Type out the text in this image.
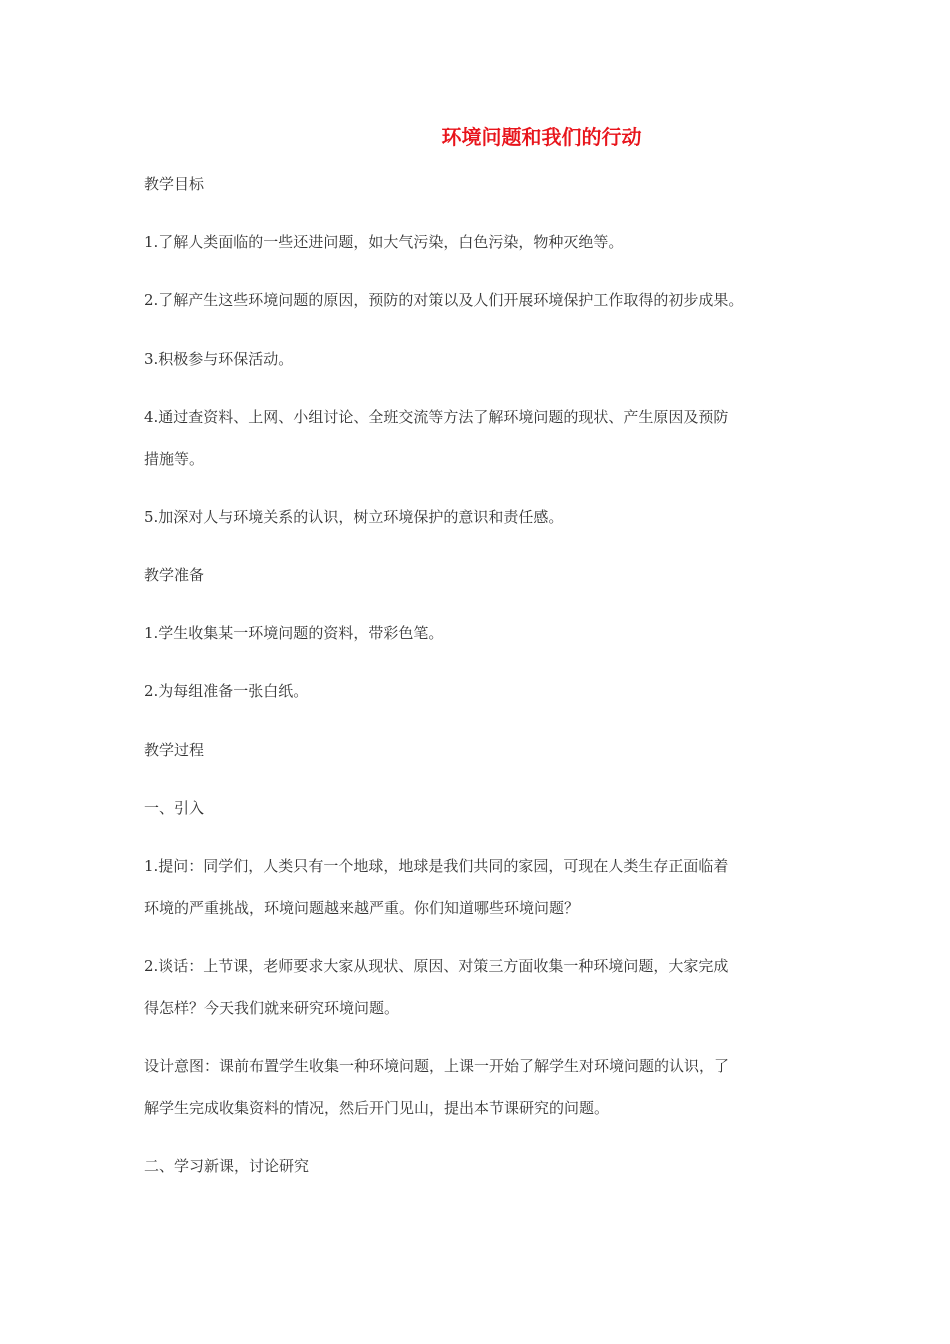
环境问题和我们的行动
教学目标
1.了解人类面临的一些还进问题，如大气污染，白色污染，物种灭绝等。
2.了解产生这些环境问题的原因，预防的对策以及人们开展环境保护工作取得的初步成果。
3.积极参与环保活动。
4.通过查资料、上网、小组讨论、全班交流等方法了解环境问题的现状、产生原因及预防
措施等。
5.加深对人与环境关系的认识，树立环境保护的意识和责任感。
教学准备
1.学生收集某一环境问题的资料，带彩色笔。
2.为每组准备一张白纸。
教学过程
一、引入
1.提问：同学们，人类只有一个地球，地球是我们共同的家园，可现在人类生存正面临着
环境的严重挑战，环境问题越来越严重。你们知道哪些环境问题？
2.谈话：上节课，老师要求大家从现状、原因、对策三方面收集一种环境问题，大家完成
得怎样？今天我们就来研究环境问题。
设计意图：课前布置学生收集一种环境问题，上课一开始了解学生对环境问题的认识，了
解学生完成收集资料的情况，然后开门见山，提出本节课研究的问题。
二、学习新课，讨论研究
